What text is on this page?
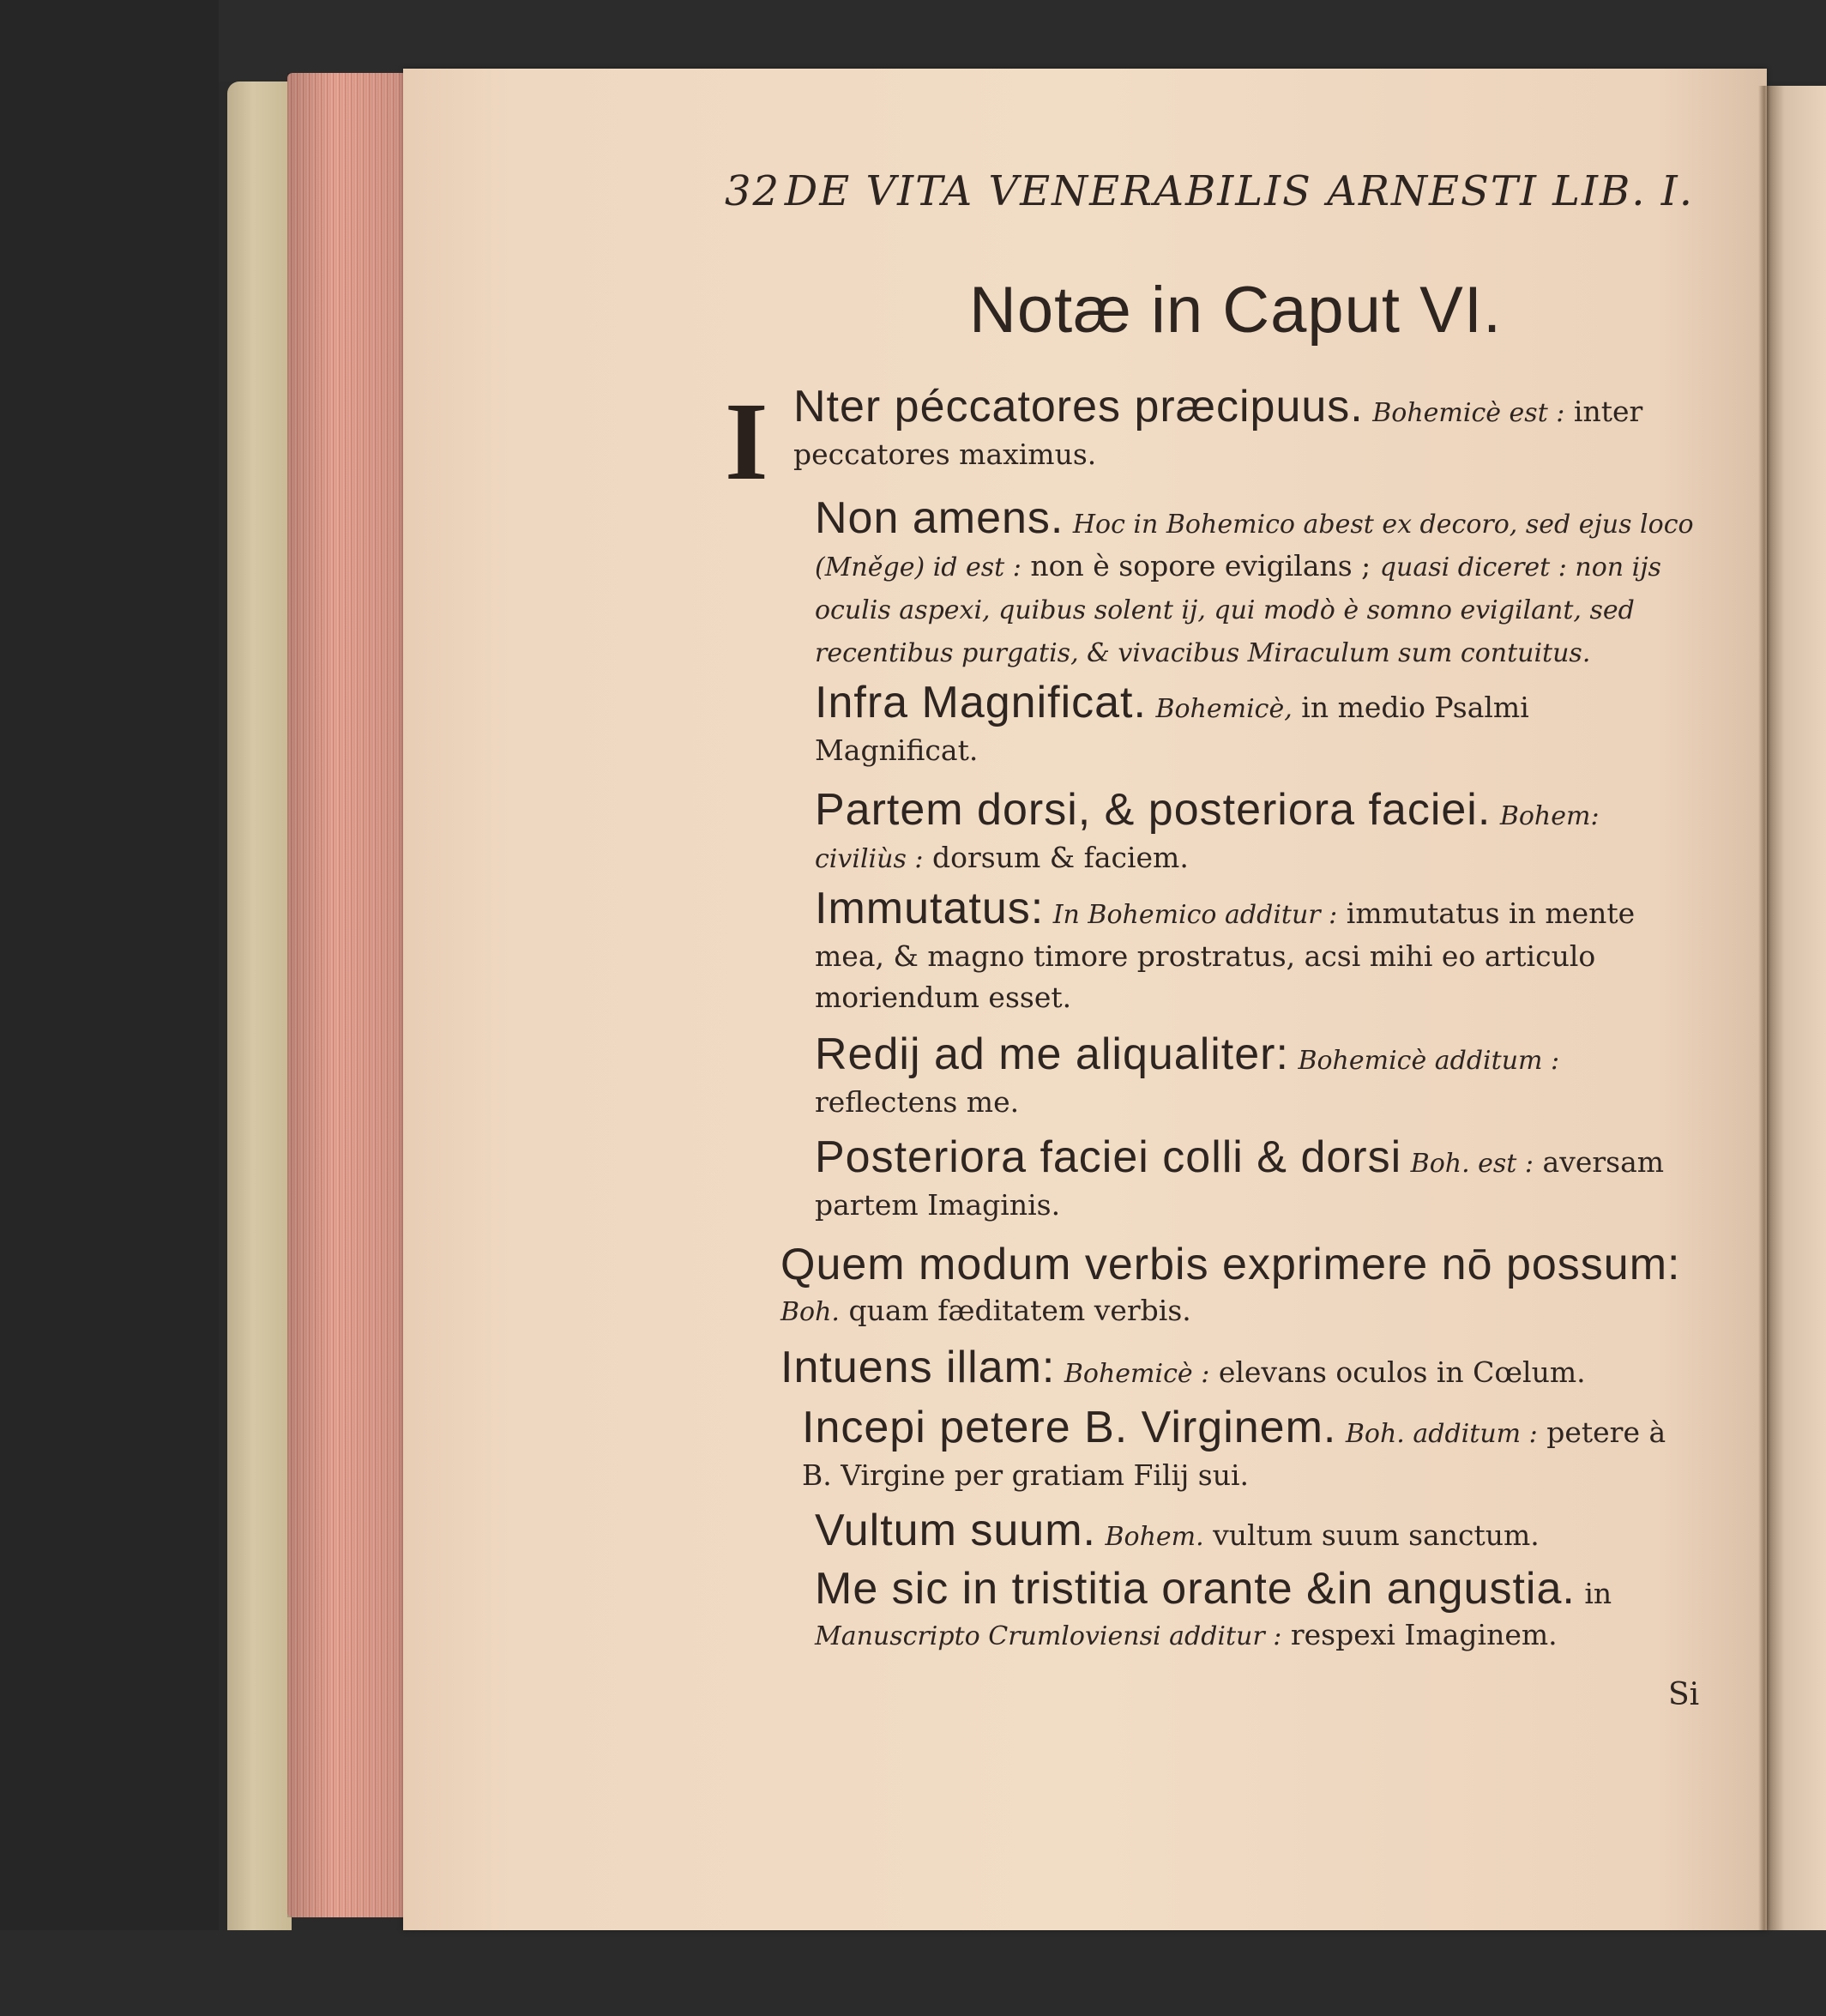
32 DE VITA VENERABILIS ARNESTI LIB. I.
Notæ in Caput VI.
I Nter péccatores præcipuus. Bohemicè est : inter peccatores maximus.
Non amens. Hoc in Bohemico abest ex decoro, sed ejus loco (Mněge) id est : non è sopore evigilans ; quasi diceret : non ijs oculis aspexi, quibus solent ij, qui modò è somno evigilant, sed recentibus purgatis, & vivacibus Miraculum sum contuitus.
Infra Magnificat. Bohemicè, in medio Psalmi Magnificat.
Partem dorsi, & posteriora faciei. Bohem: civiliùs : dorsum & faciem.
Immutatus: In Bohemico additur : immutatus in mente mea, & magno timore prostratus, acsi mihi eo articulo moriendum esset.
Redij ad me aliqualiter: Bohemicè additum : reflectens me.
Posteriora faciei colli & dorsi Boh. est : aversam partem Imaginis.
Quem modum verbis exprimere nō possum: Boh. quam fæditatem verbis.
Intuens illam: Bohemicè : elevans oculos in Cœlum.
Incepi petere B. Virginem. Boh. additum : petere à B. Virgine per gratiam Filij sui.
Vultum suum. Bohem. vultum suum sanctum.
Me sic in tristitia orante &in angustia. in Manuscripto Crumloviensi additur : respexi Imaginem.
Si
